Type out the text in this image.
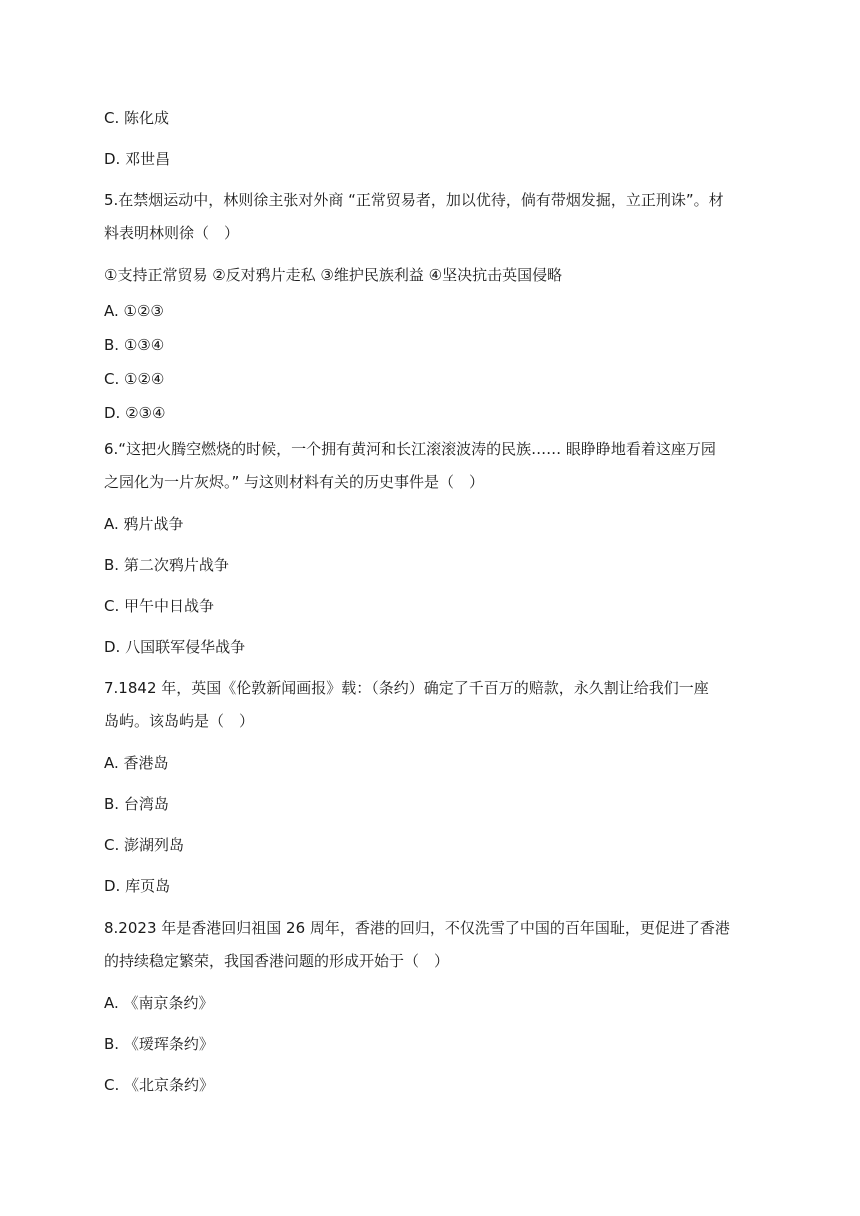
C. 陈化成
D. 邓世昌
5.在禁烟运动中，林则徐主张对外商 “正常贸易者，加以优待，倘有带烟发掘，立正刑诛”。材
料表明林则徐（　）
①支持正常贸易 ②反对鸦片走私 ③维护民族利益 ④坚决抗击英国侵略
A. ①②③
B. ①③④
C. ①②④
D. ②③④
6.“这把火腾空燃烧的时候，一个拥有黄河和长江滚滚波涛的民族…… 眼睁睁地看着这座万园
之园化为一片灰烬。” 与这则材料有关的历史事件是（　）
A. 鸦片战争
B. 第二次鸦片战争
C. 甲午中日战争
D. 八国联军侵华战争
7.1842 年，英国《伦敦新闻画报》载：（条约）确定了千百万的赔款，永久割让给我们一座
岛屿。该岛屿是（　）
A. 香港岛
B. 台湾岛
C. 澎湖列岛
D. 库页岛
8.2023 年是香港回归祖国 26 周年，香港的回归，不仅洗雪了中国的百年国耻，更促进了香港
的持续稳定繁荣，我国香港问题的形成开始于（　）
A. 《南京条约》
B. 《瑷珲条约》
C. 《北京条约》
